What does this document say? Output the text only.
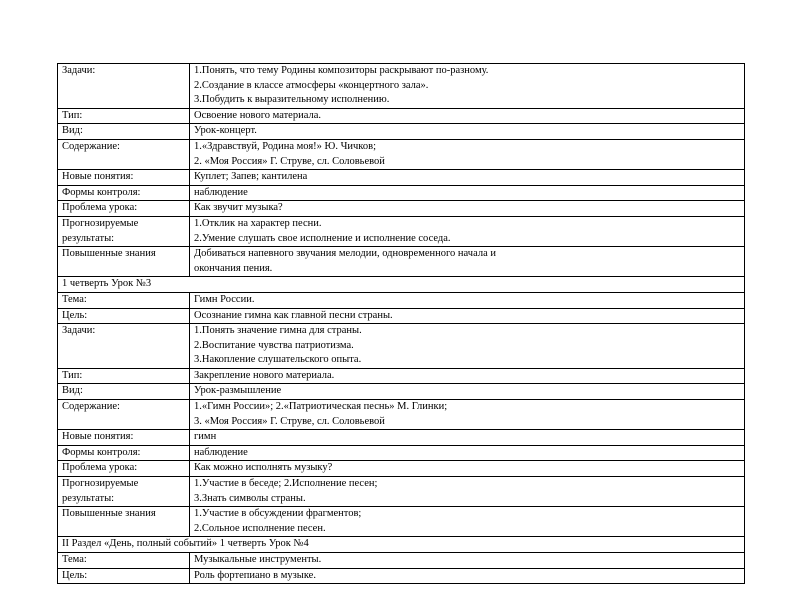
Задачи:	1.Понять, что тему Родины композиторы раскрывают по-разному.
2.Создание в классе атмосферы «концертного зала».
3.Побудить к выразительному исполнению.

Тип:	Освоение нового материала.

Вид:	Урок-концерт.

Содержание:	1.«Здравствуй, Родина моя!» Ю. Чичков;
2. «Моя Россия» Г. Струве, сл. Соловьевой

Новые понятия:	Куплет; Запев; кантилена

Формы контроля:	наблюдение

Проблема урока:	Как звучит музыка?

Прогнозируемые
результаты:	1.Отклик на характер песни.
2.Умение слушать свое исполнение и исполнение соседа.

Повышенные знания	Добиваться напевного звучания мелодии, одновременного начала и
окончания пения.

1 четверть Урок №3	

Тема:	Гимн России.

Цель:	Осознание гимна как главной песни страны.

Задачи:	1.Понять значение гимна для страны.
2.Воспитание чувства патриотизма.
3.Накопление слушательского опыта.

Тип:	Закрепление нового материала.

Вид:	Урок-размышление

Содержание:	1.«Гимн России»; 2.«Патриотическая песнь» М. Глинки;
3. «Моя Россия» Г. Струве, сл. Соловьевой

Новые понятия:	гимн

Формы контроля:	наблюдение

Проблема урока:	Как можно исполнять музыку?

Прогнозируемые
результаты:	1.Участие в беседе; 2.Исполнение песен;
3.Знать символы страны.

Повышенные знания	1.Участие в обсуждении фрагментов;
2.Сольное исполнение песен.

II Раздел «День, полный событий» 1 четверть Урок №4	

Тема:	Музыкальные инструменты.

Цель:	Роль фортепиано в музыке.
